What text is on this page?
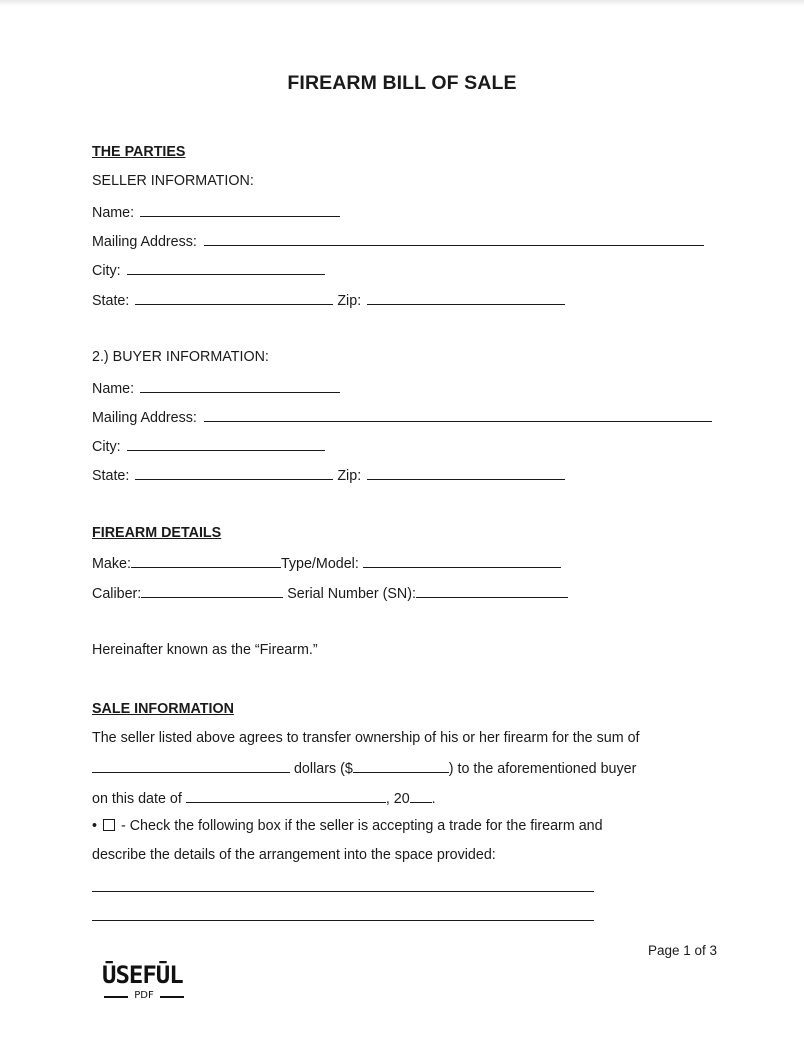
FIREARM BILL OF SALE
THE PARTIES
SELLER INFORMATION:
Name:
Mailing Address:
City:
State:	Zip:
2.) BUYER INFORMATION:
Name:
Mailing Address:
City:
State:	Zip:
FIREARM DETAILS
Make:	Type/Model:
Caliber:	Serial Number (SN):
Hereinafter known as the “Firearm.”
SALE INFORMATION
The seller listed above agrees to transfer ownership of his or her firearm for the sum of
dollars ($	) to the aforementioned buyer
on this date of	, 20 .
• - Check the following box if the seller is accepting a trade for the firearm and
describe the details of the arrangement into the space provided:
Page 1 of 3
ŪSEFŪL
PDF
